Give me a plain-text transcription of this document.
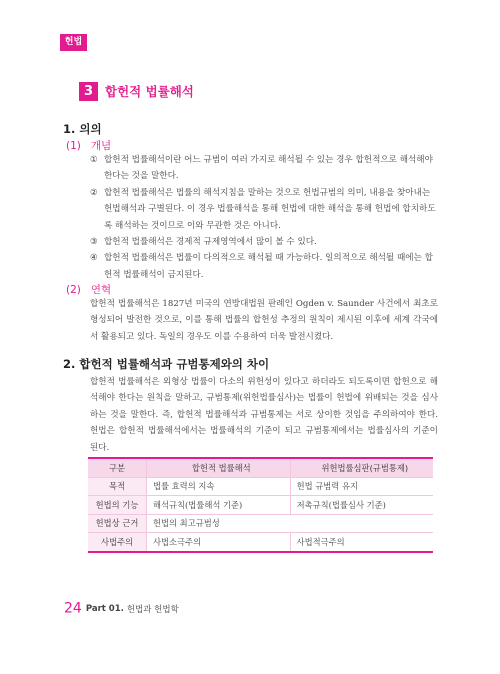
헌법
3 합헌적 법률해석
1. 의의
(1) 개념
① 합헌적 법률해석이란 어느 규범이 여러 가지로 해석될 수 있는 경우 합헌적으로 해석해야 한다는 것을 말한다.
② 합헌적 법률해석은 법률의 해석지침을 말하는 것으로 헌법규범의 의미, 내용을 찾아내는 헌법해석과 구별된다. 이 경우 법률해석을 통해 헌법에 대한 해석을 통해 헌법에 합치하도록 해석하는 것이므로 이와 무관한 것은 아니다.
③ 합헌적 법률해석은 경제적 규제영역에서 많이 볼 수 있다.
④ 합헌적 법률해석은 법률이 다의적으로 해석될 때 가능하다. 일의적으로 해석될 때에는 합헌적 법률해석이 금지된다.
(2) 연혁
합헌적 법률해석은 1827년 미국의 연방대법원 판례인 Ogden v. Saunder 사건에서 최초로 형성되어 발전한 것으로, 이를 통해 법률의 합헌성 추정의 원칙이 제시된 이후에 세계 각국에서 활용되고 있다. 독일의 경우도 이를 수용하여 더욱 발전시켰다.
2. 합헌적 법률해석과 규범통제와의 차이
합헌적 법률해석은 외형상 법률이 다소의 위헌성이 있다고 하더라도 되도록이면 합헌으로 해석해야 한다는 원칙을 말하고, 규범통제(위헌법률심사)는 법률이 헌법에 위배되는 것을 심사하는 것을 말한다. 즉, 합헌적 법률해석과 규범통제는 서로 상이한 것임을 주의하여야 한다. 헌법은 합헌적 법률해석에서는 법률해석의 기준이 되고 규범통제에서는 법률심사의 기준이 된다.
구분	합헌적 법률해석	위헌법률심판(규범통제)
목적	법률 효력의 지속	헌법 규범력 유지
헌법의 기능	해석규칙(법률해석 기준)	저촉규칙(법률심사 기준)
헌법상 근거	헌법의 최고규범성	
사법주의	사법소극주의	사법적극주의
24 Part 01. 헌법과 헌법학
